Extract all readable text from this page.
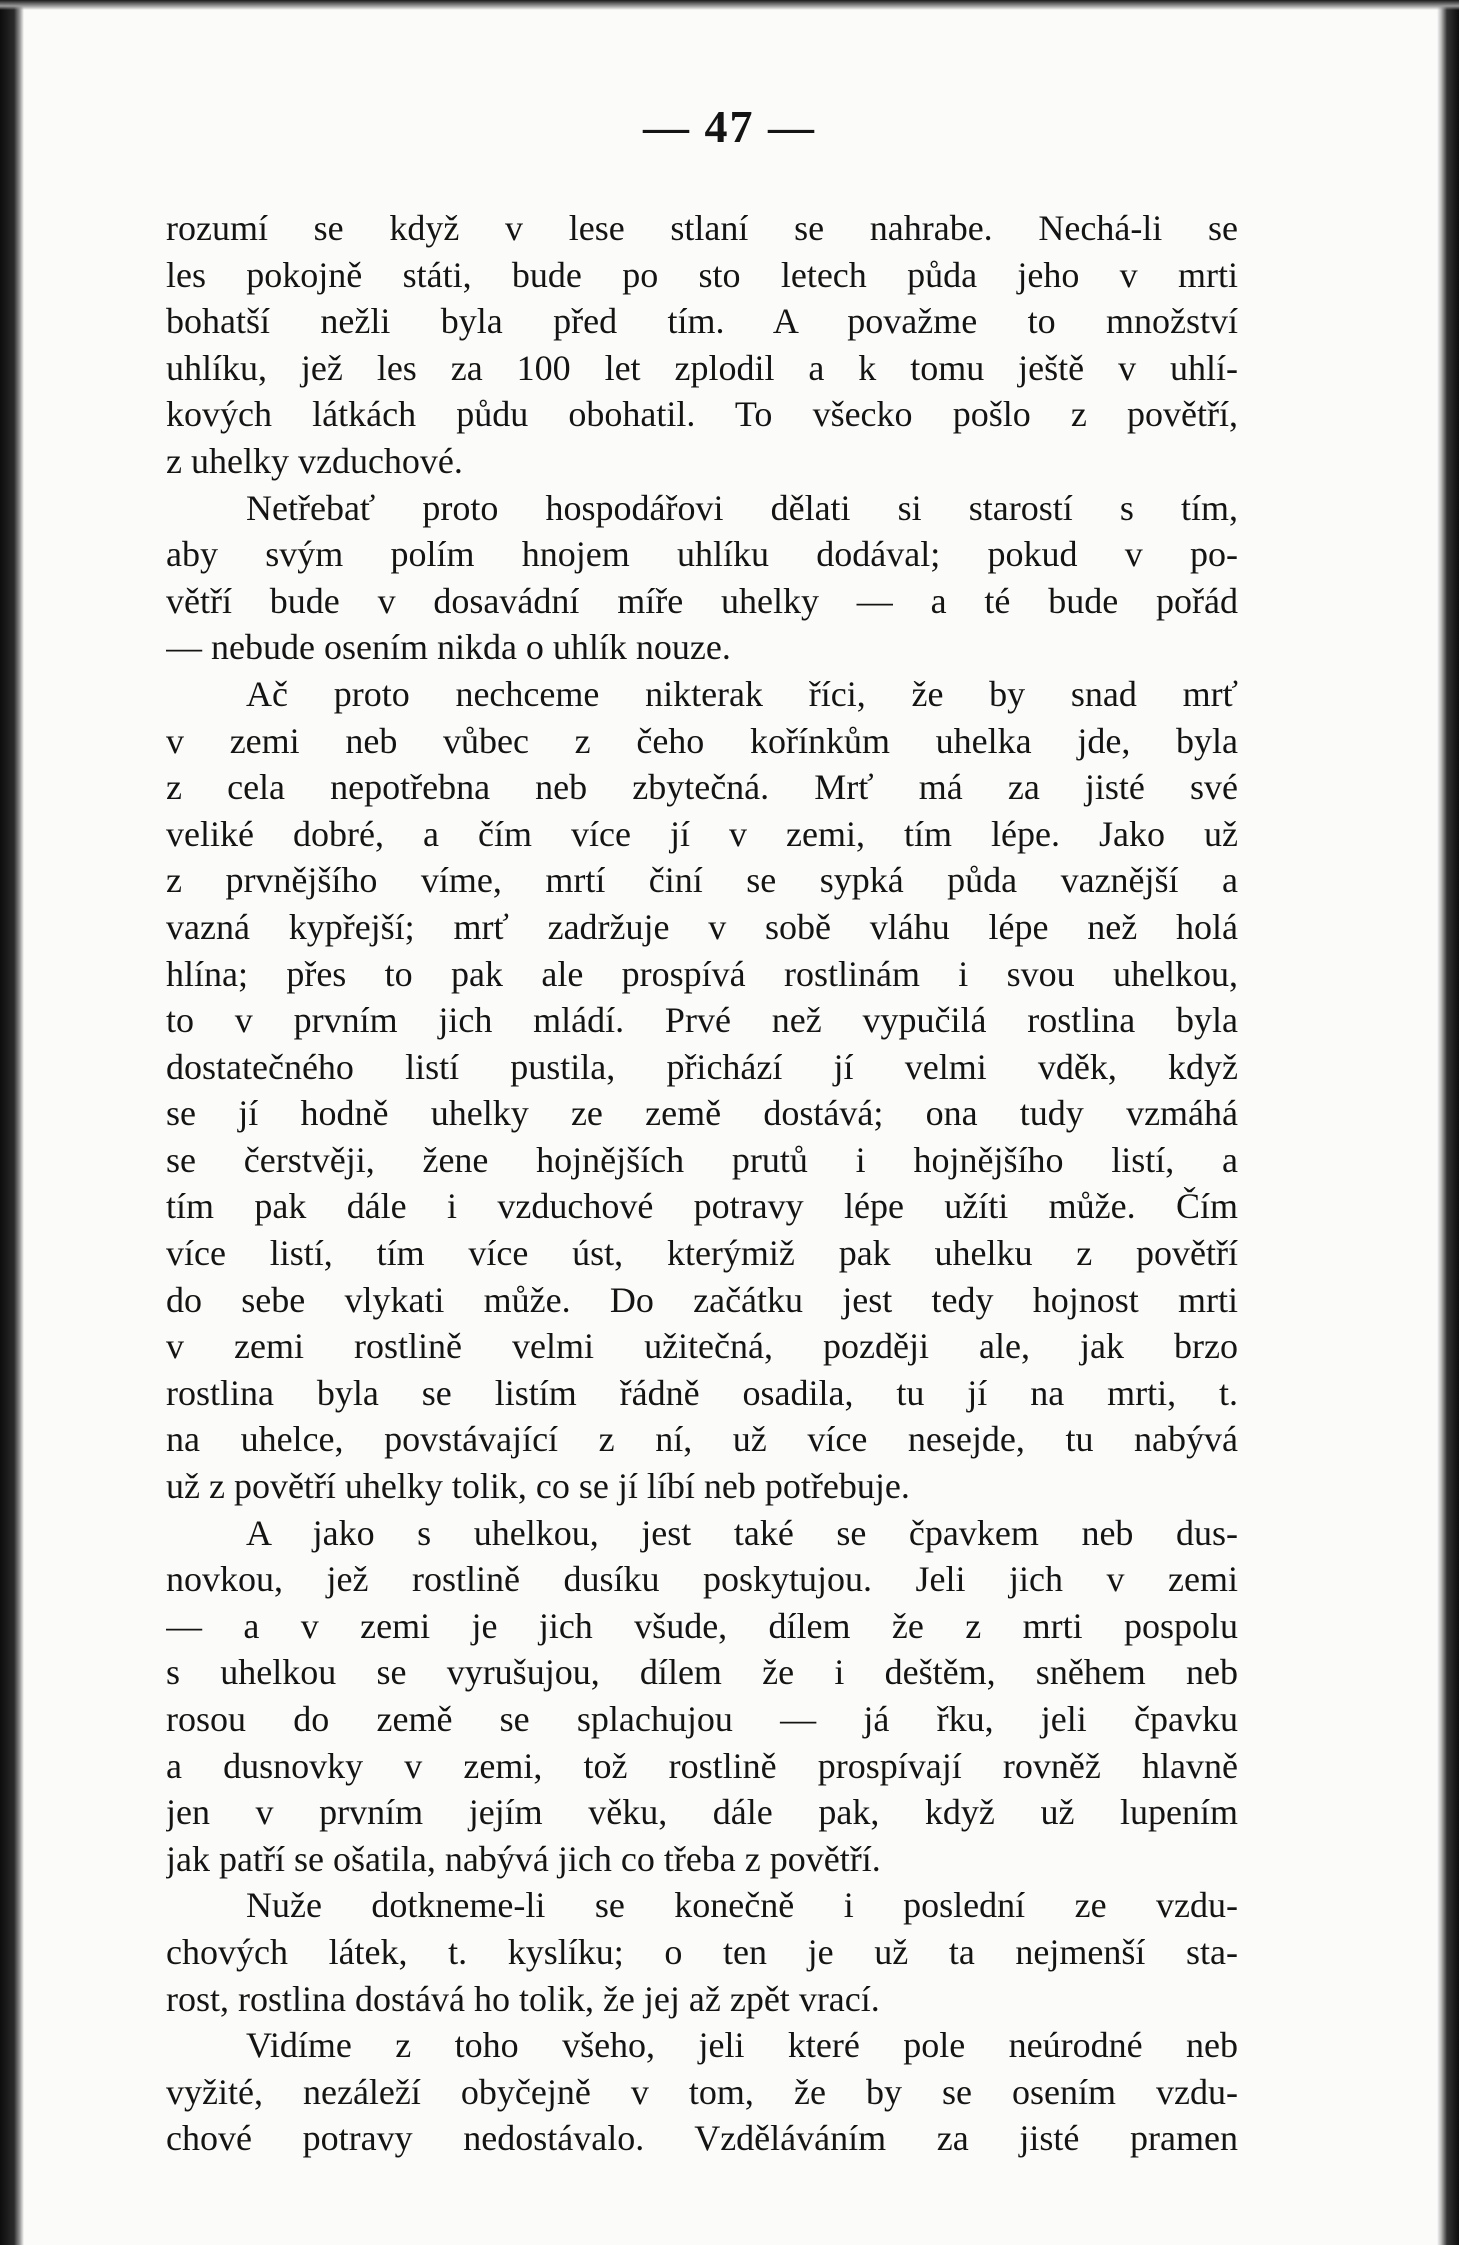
— 47 —
rozumí se když v lese stlaní se nahrabe. Nechá-li se
les pokojně státi, bude po sto letech půda jeho v mrti
bohatší nežli byla před tím. A považme to množství
uhlíku, jež les za 100 let zplodil a k tomu ještě v uhlí-
kových látkách půdu obohatil. To všecko pošlo z povětří,
z uhelky vzduchové.
Netřebať proto hospodářovi dělati si starostí s tím,
aby svým polím hnojem uhlíku dodával; pokud v po-
větří bude v dosavádní míře uhelky — a té bude pořád
— nebude osením nikda o uhlík nouze.
Ač proto nechceme nikterak říci, že by snad mrť
v zemi neb vůbec z čeho kořínkům uhelka jde, byla
z cela nepotřebna neb zbytečná. Mrť má za jisté své
veliké dobré, a čím více jí v zemi, tím lépe. Jako už
z prvnějšího víme, mrtí činí se sypká půda vaznější a
vazná kypřejší; mrť zadržuje v sobě vláhu lépe než holá
hlína; přes to pak ale prospívá rostlinám i svou uhelkou,
to v prvním jich mládí. Prvé než vypučilá rostlina byla
dostatečného listí pustila, přichází jí velmi vděk, když
se jí hodně uhelky ze země dostává; ona tudy vzmáhá
se čerstvěji, žene hojnějších prutů i hojnějšího listí, a
tím pak dále i vzduchové potravy lépe užíti může. Čím
více listí, tím více úst, kterýmiž pak uhelku z povětří
do sebe vlykati může. Do začátku jest tedy hojnost mrti
v zemi rostlině velmi užitečná, později ale, jak brzo
rostlina byla se listím řádně osadila, tu jí na mrti, t.
na uhelce, povstávající z ní, už více nesejde, tu nabývá
už z povětří uhelky tolik, co se jí líbí neb potřebuje.
A jako s uhelkou, jest také se čpavkem neb dus-
novkou, jež rostlině dusíku poskytujou. Jeli jich v zemi
— a v zemi je jich všude, dílem že z mrti pospolu
s uhelkou se vyrušujou, dílem že i deštěm, sněhem neb
rosou do země se splachujou — já řku, jeli čpavku
a dusnovky v zemi, tož rostlině prospívají rovněž hlavně
jen v prvním jejím věku, dále pak, když už lupením
jak patří se ošatila, nabývá jich co třeba z povětří.
Nuže dotkneme-li se konečně i poslední ze vzdu-
chových látek, t. kyslíku; o ten je už ta nejmenší sta-
rost, rostlina dostává ho tolik, že jej až zpět vrací.
Vidíme z toho všeho, jeli které pole neúrodné neb
vyžité, nezáleží obyčejně v tom, že by se osením vzdu-
chové potravy nedostávalo. Vzděláváním za jisté pramen
